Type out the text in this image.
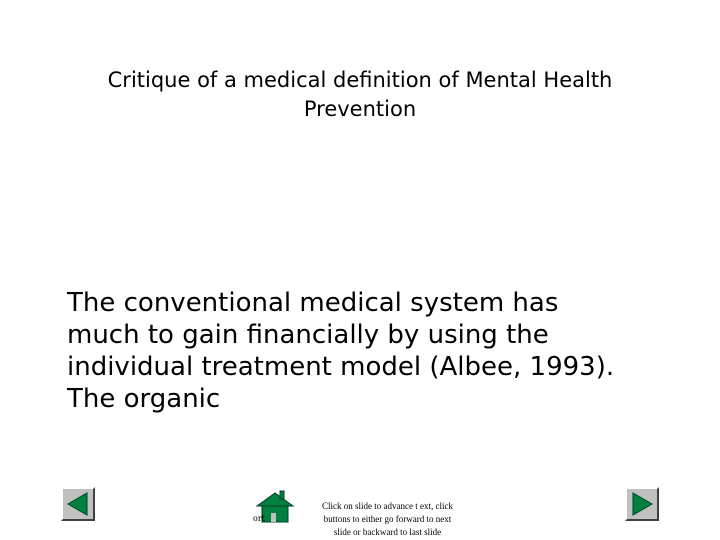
Critique of a medical definition of Mental Health
Prevention
The conventional medical system has
much to gain financially by using the
individual treatment model (Albee, 1993).
The organic
ort
Click on slide to advance t ext, click
buttons to either go forward to next
slide or backward to last slide
